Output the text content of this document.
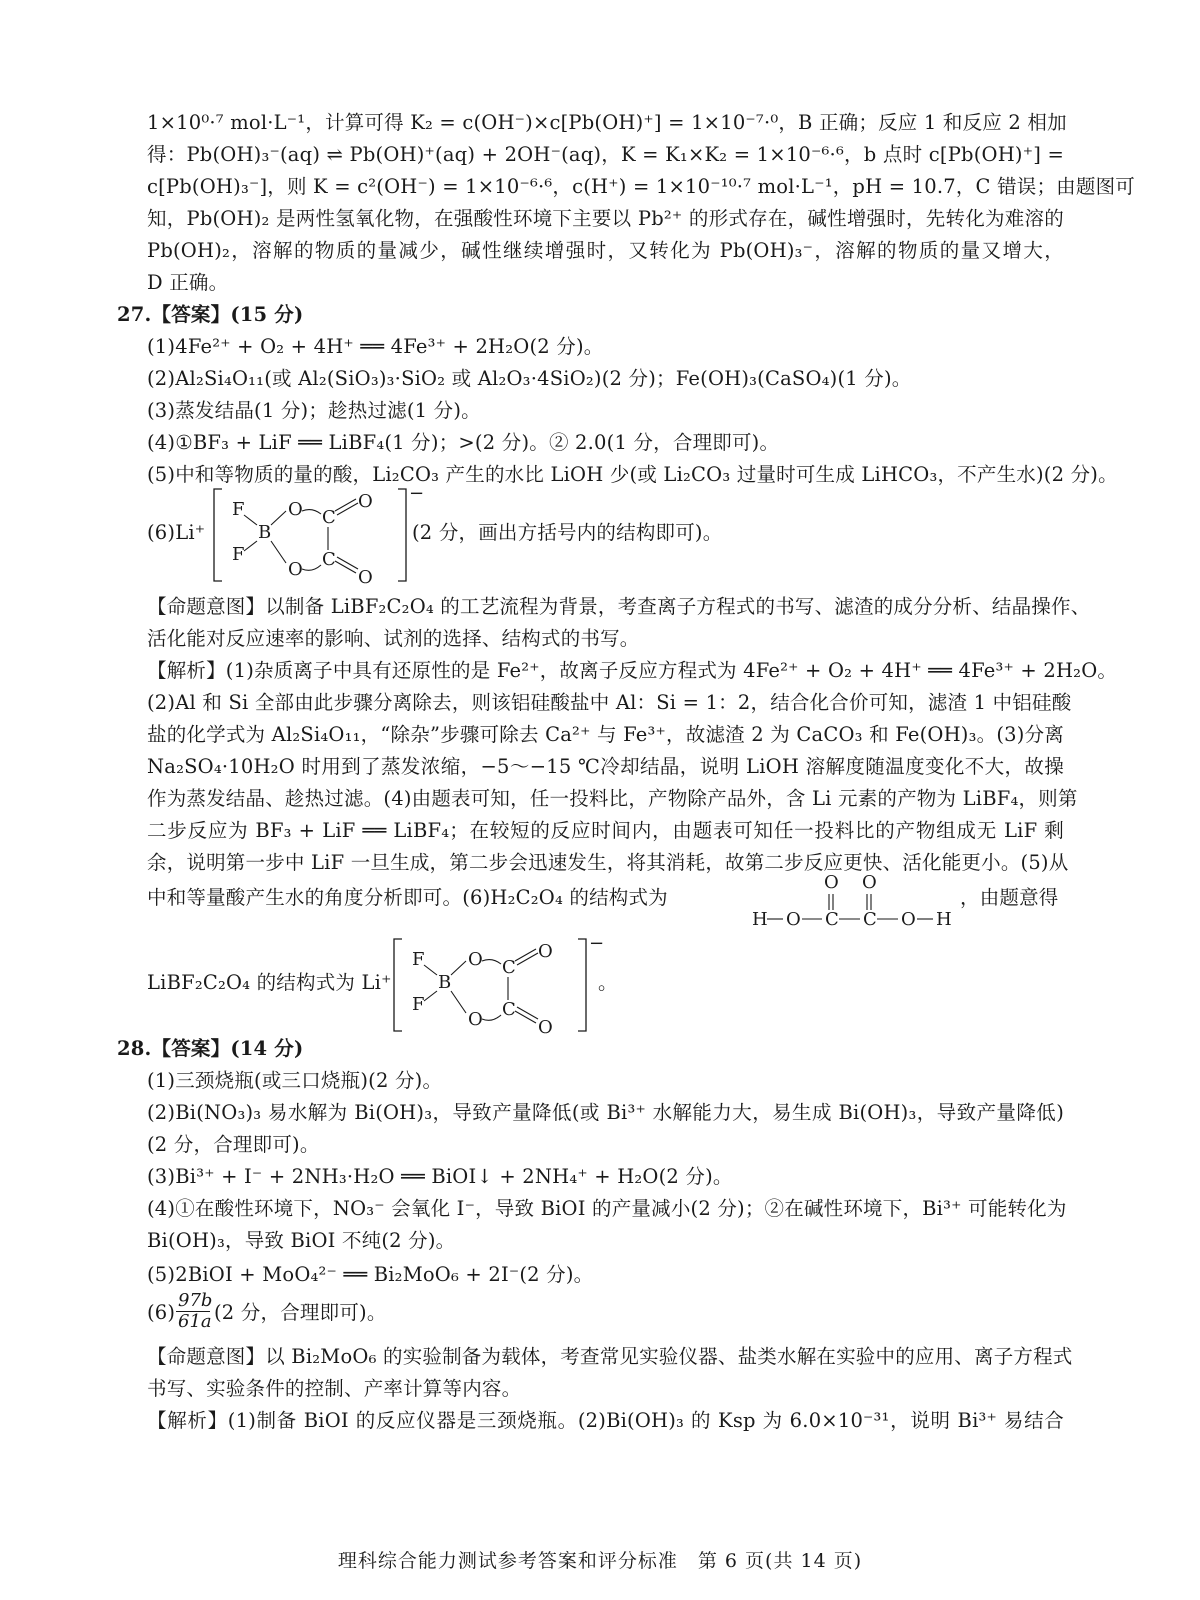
1×10⁰·⁷ mol·L⁻¹，计算可得 K₂ = c(OH⁻)×c[Pb(OH)⁺] = 1×10⁻⁷·⁰，B 正确；反应 1 和反应 2 相加
得：Pb(OH)₃⁻(aq) ⇌ Pb(OH)⁺(aq) + 2OH⁻(aq)，K = K₁×K₂ = 1×10⁻⁶·⁶，b 点时 c[Pb(OH)⁺] =
c[Pb(OH)₃⁻]，则 K = c²(OH⁻) = 1×10⁻⁶·⁶，c(H⁺) = 1×10⁻¹⁰·⁷ mol·L⁻¹，pH = 10.7，C 错误；由题图可
知，Pb(OH)₂ 是两性氢氧化物，在强酸性环境下主要以 Pb²⁺ 的形式存在，碱性增强时，先转化为难溶的
Pb(OH)₂，溶解的物质的量减少，碱性继续增强时，又转化为 Pb(OH)₃⁻，溶解的物质的量又增大，
D 正确。
27.【答案】(15 分)
(1)4Fe²⁺ + O₂ + 4H⁺ ══ 4Fe³⁺ + 2H₂O(2 分)。
(2)Al₂Si₄O₁₁(或 Al₂(SiO₃)₃·SiO₂ 或 Al₂O₃·4SiO₂)(2 分)；Fe(OH)₃(CaSO₄)(1 分)。
(3)蒸发结晶(1 分)；趁热过滤(1 分)。
(4)①BF₃ + LiF ══ LiBF₄(1 分)；>(2 分)。② 2.0(1 分，合理即可)。
(5)中和等物质的量的酸，Li₂CO₃ 产生的水比 LiOH 少(或 Li₂CO₃ 过量时可生成 LiHCO₃，不产生水)(2 分)。
(6)Li⁺
−
F
F
B
O
O
C
C
O
O
(2 分，画出方括号内的结构即可)。
【命题意图】以制备 LiBF₂C₂O₄ 的工艺流程为背景，考查离子方程式的书写、滤渣的成分分析、结晶操作、
活化能对反应速率的影响、试剂的选择、结构式的书写。
【解析】(1)杂质离子中具有还原性的是 Fe²⁺，故离子反应方程式为 4Fe²⁺ + O₂ + 4H⁺ ══ 4Fe³⁺ + 2H₂O。
(2)Al 和 Si 全部由此步骤分离除去，则该铝硅酸盐中 Al：Si = 1：2，结合化合价可知，滤渣 1 中铝硅酸
盐的化学式为 Al₂Si₄O₁₁，“除杂”步骤可除去 Ca²⁺ 与 Fe³⁺，故滤渣 2 为 CaCO₃ 和 Fe(OH)₃。(3)分离
Na₂SO₄·10H₂O 时用到了蒸发浓缩，−5～−15 ℃冷却结晶，说明 LiOH 溶解度随温度变化不大，故操
作为蒸发结晶、趁热过滤。(4)由题表可知，任一投料比，产物除产品外，含 Li 元素的产物为 LiBF₄，则第
二步反应为 BF₃ + LiF ══ LiBF₄；在较短的反应时间内，由题表可知任一投料比的产物组成无 LiF 剩
余，说明第一步中 LiF 一旦生成，第二步会迅速发生，将其消耗，故第二步反应更快、活化能更小。(5)从
中和等量酸产生水的角度分析即可。(6)H₂C₂O₄ 的结构式为
O O
H O C C O H
，由题意得
LiBF₂C₂O₄ 的结构式为 Li⁺
−
F
F
B
O
O
C
C
O
O
。
28.【答案】(14 分)
(1)三颈烧瓶(或三口烧瓶)(2 分)。
(2)Bi(NO₃)₃ 易水解为 Bi(OH)₃，导致产量降低(或 Bi³⁺ 水解能力大，易生成 Bi(OH)₃，导致产量降低)
(2 分，合理即可)。
(3)Bi³⁺ + I⁻ + 2NH₃·H₂O ══ BiOI↓ + 2NH₄⁺ + H₂O(2 分)。
(4)①在酸性环境下，NO₃⁻ 会氧化 I⁻，导致 BiOI 的产量减小(2 分)；②在碱性环境下，Bi³⁺ 可能转化为
Bi(OH)₃，导致 BiOI 不纯(2 分)。
(5)2BiOI + MoO₄²⁻ ══ Bi₂MoO₆ + 2I⁻(2 分)。
$(6) \frac{97b}{61a} (2$ 分，合理即可)。
【命题意图】以 Bi₂MoO₆ 的实验制备为载体，考查常见实验仪器、盐类水解在实验中的应用、离子方程式
书写、实验条件的控制、产率计算等内容。
【解析】(1)制备 BiOI 的反应仪器是三颈烧瓶。(2)Bi(OH)₃ 的 Ksp 为 6.0×10⁻³¹，说明 Bi³⁺ 易结合
理科综合能力测试参考答案和评分标准　第 6 页(共 14 页)
